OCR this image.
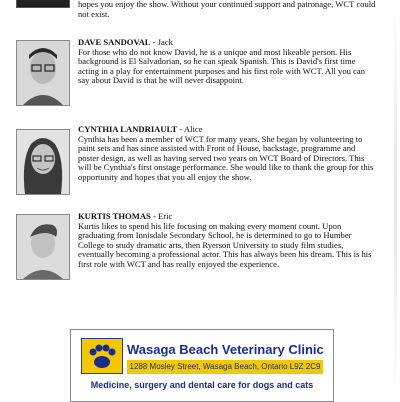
hopes you enjoy the show. Without your continued support and patronage, WCT could not exist.
DAVE SANDOVAL - Jack
For those who do not know David, he is a unique and most likeable person. His background is El Salvadorian, so he can speak Spanish. This is David's first time acting in a play for entertainment purposes and his first role with WCT. All you can say about David is that he will never disappoint.
CYNTHIA LANDRIAULT - Alice
Cynthia has been a member of WCT for many years. She began by volunteering to paint sets and has since assisted with Front of House, backstage, programme and poster design, as well as having served two years on WCT Board of Directors. This will be Cynthia's first onstage performance. She would like to thank the group for this opportunity and hopes that you all enjoy the show.
KURTIS THOMAS - Eric
Kurtis likes to spend his life focusing on making every moment count. Upon graduating from Innisdale Secondary School, he is determined to go to Humber College to study dramatic arts, then Ryerson University to study film studies, eventually becoming a professional actor. This has always been his dream. This is his first role with WCT and has really enjoyed the experience.
Wasaga Beach Veterinary Clinic
1288 Mosley Street, Wasaga Beach, Ontario L9Z 2C9
Medicine, surgery and dental care for dogs and cats
